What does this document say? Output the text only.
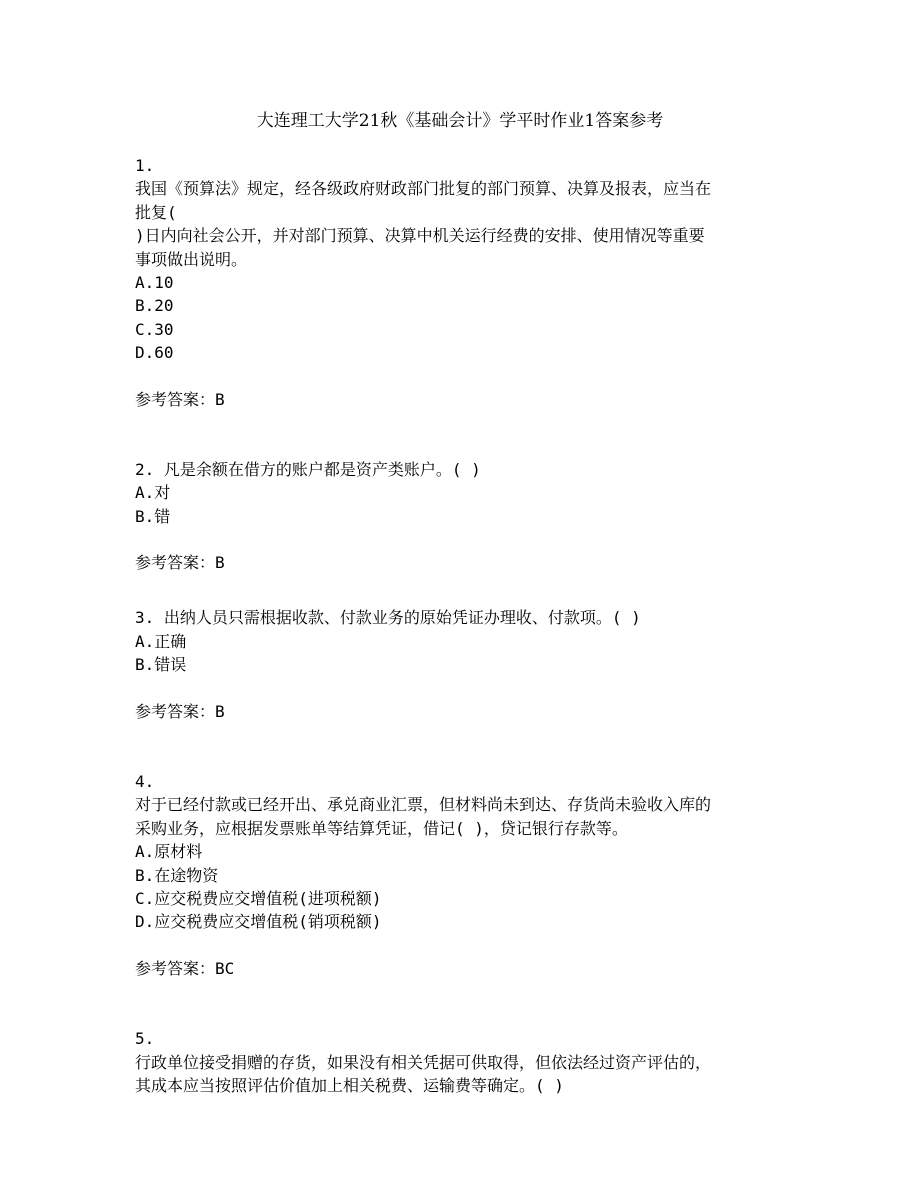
大连理工大学21秋《基础会计》学平时作业1答案参考
1.
我国《预算法》规定，经各级政府财政部门批复的部门预算、决算及报表，应当在
批复(
)日内向社会公开，并对部门预算、决算中机关运行经费的安排、使用情况等重要
事项做出说明。
A.10
B.20
C.30
D.60
参考答案：B
2. 凡是余额在借方的账户都是资产类账户。( )
A.对
B.错
参考答案：B
3. 出纳人员只需根据收款、付款业务的原始凭证办理收、付款项。( )
A.正确
B.错误
参考答案：B
4.
对于已经付款或已经开出、承兑商业汇票，但材料尚未到达、存货尚未验收入库的
采购业务，应根据发票账单等结算凭证，借记( )，贷记银行存款等。
A.原材料
B.在途物资
C.应交税费应交增值税(进项税额)
D.应交税费应交增值税(销项税额)
参考答案：BC
5.
行政单位接受捐赠的存货，如果没有相关凭据可供取得，但依法经过资产评估的，
其成本应当按照评估价值加上相关税费、运输费等确定。( )
